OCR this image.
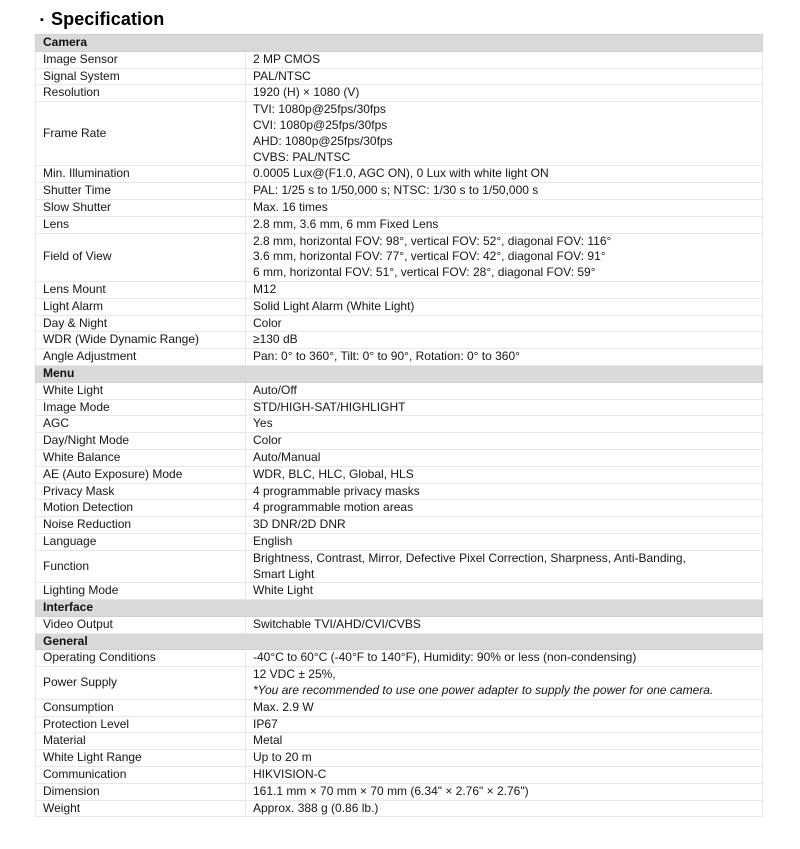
▪ Specification
Camera	
Image Sensor	2 MP CMOS

Signal System	PAL/NTSC

Resolution	1920 (H) × 1080 (V)

Frame Rate	TVI: 1080p@25fps/30fps
CVI: 1080p@25fps/30fps
AHD: 1080p@25fps/30fps
CVBS: PAL/NTSC

Min. Illumination	0.0005 Lux@(F1.0, AGC ON), 0 Lux with white light ON

Shutter Time	PAL: 1/25 s to 1/50,000 s; NTSC: 1/30 s to 1/50,000 s

Slow Shutter	Max. 16 times

Lens	2.8 mm, 3.6 mm, 6 mm Fixed Lens

Field of View	2.8 mm, horizontal FOV: 98°, vertical FOV: 52°, diagonal FOV: 116°
3.6 mm, horizontal FOV: 77°, vertical FOV: 42°, diagonal FOV: 91°
6 mm, horizontal FOV: 51°, vertical FOV: 28°, diagonal FOV: 59°

Lens Mount	M12

Light Alarm	Solid Light Alarm (White Light)

Day & Night	Color

WDR (Wide Dynamic Range)	≥130 dB

Angle Adjustment	Pan: 0° to 360°, Tilt: 0° to 90°, Rotation: 0° to 360°

Menu	
White Light	Auto/Off

Image Mode	STD/HIGH-SAT/HIGHLIGHT

AGC	Yes

Day/Night Mode	Color

White Balance	Auto/Manual

AE (Auto Exposure) Mode	WDR, BLC, HLC, Global, HLS

Privacy Mask	4 programmable privacy masks

Motion Detection	4 programmable motion areas

Noise Reduction	3D DNR/2D DNR

Language	English

Function	Brightness, Contrast, Mirror, Defective Pixel Correction, Sharpness, Anti-Banding,
Smart Light

Lighting Mode	White Light

Interface	
Video Output	Switchable TVI/AHD/CVI/CVBS

General	
Operating Conditions	-40°C to 60°C (-40°F to 140°F), Humidity: 90% or less (non-condensing)

Power Supply	12 VDC ± 25%,
*You are recommended to use one power adapter to supply the power for one camera.

Consumption	Max. 2.9 W

Protection Level	IP67

Material	Metal

White Light Range	Up to 20 m

Communication	HIKVISION-C

Dimension	161.1 mm × 70 mm × 70 mm (6.34" × 2.76" × 2.76")

Weight	Approx. 388 g (0.86 lb.)
